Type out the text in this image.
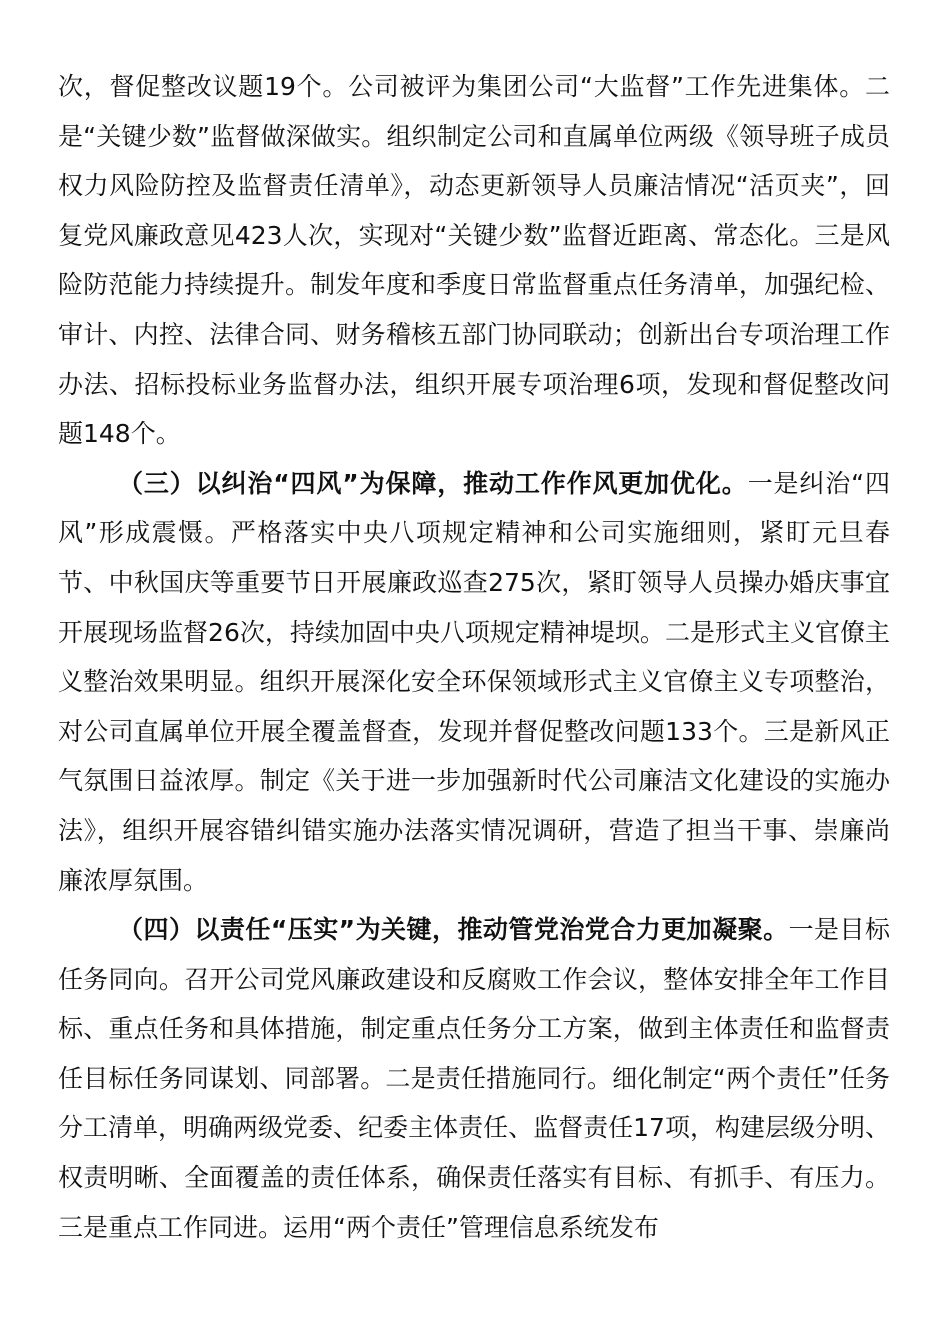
次，督促整改议题19个。公司被评为集团公司“大监督”工作先进集体。二是“关键少数”监督做深做实。组织制定公司和直属单位两级《领导班子成员权力风险防控及监督责任清单》，动态更新领导人员廉洁情况“活页夹”，回复党风廉政意见423人次，实现对“关键少数”监督近距离、常态化。三是风险防范能力持续提升。制发年度和季度日常监督重点任务清单，加强纪检、审计、内控、法律合同、财务稽核五部门协同联动；创新出台专项治理工作办法、招标投标业务监督办法，组织开展专项治理6项，发现和督促整改问题148个。

（三）以纠治“四风”为保障，推动工作作风更加优化。一是纠治“四风”形成震慑。严格落实中央八项规定精神和公司实施细则，紧盯元旦春节、中秋国庆等重要节日开展廉政巡查275次，紧盯领导人员操办婚庆事宜开展现场监督26次，持续加固中央八项规定精神堤坝。二是形式主义官僚主义整治效果明显。组织开展深化安全环保领域形式主义官僚主义专项整治，对公司直属单位开展全覆盖督查，发现并督促整改问题133个。三是新风正气氛围日益浓厚。制定《关于进一步加强新时代公司廉洁文化建设的实施办法》，组织开展容错纠错实施办法落实情况调研，营造了担当干事、崇廉尚廉浓厚氛围。

（四）以责任“压实”为关键，推动管党治党合力更加凝聚。一是目标任务同向。召开公司党风廉政建设和反腐败工作会议，整体安排全年工作目标、重点任务和具体措施，制定重点任务分工方案，做到主体责任和监督责任目标任务同谋划、同部署。二是责任措施同行。细化制定“两个责任”任务分工清单，明确两级党委、纪委主体责任、监督责任17项，构建层级分明、权责明晰、全面覆盖的责任体系，确保责任落实有目标、有抓手、有压力。三是重点工作同进。运用“两个责任”管理信息系统发布
